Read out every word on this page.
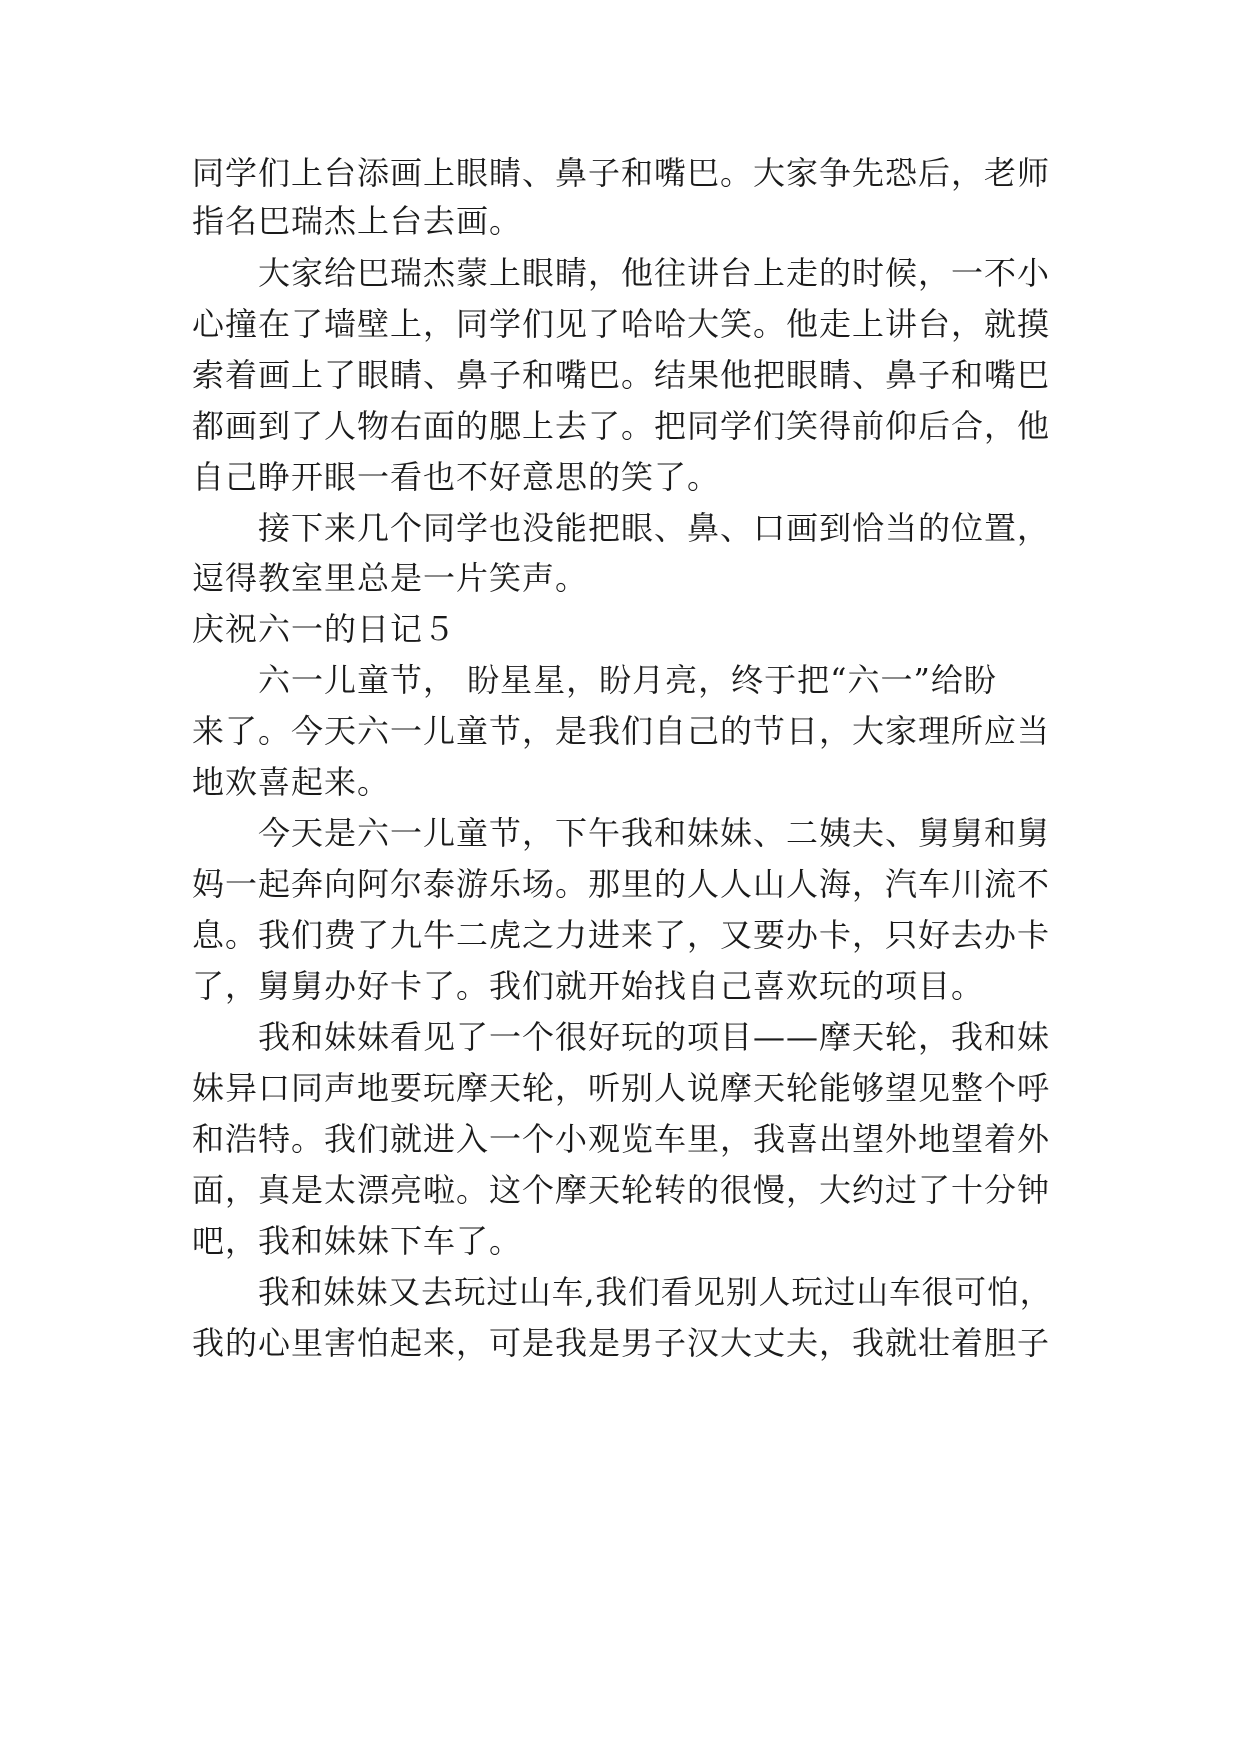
同学们上台添画上眼睛、鼻子和嘴巴。大家争先恐后，老师
指名巴瑞杰上台去画。
大家给巴瑞杰蒙上眼睛，他往讲台上走的时候，一不小
心撞在了墙壁上，同学们见了哈哈大笑。他走上讲台，就摸
索着画上了眼睛、鼻子和嘴巴。结果他把眼睛、鼻子和嘴巴
都画到了人物右面的腮上去了。把同学们笑得前仰后合，他
自己睁开眼一看也不好意思的笑了。
接下来几个同学也没能把眼、鼻、口画到恰当的位置，
逗得教室里总是一片笑声。
庆祝六一的日记５
六一儿童节， 盼星星，盼月亮，终于把“六一”给盼
来了。今天六一儿童节，是我们自己的节日，大家理所应当
地欢喜起来。
今天是六一儿童节，下午我和妹妹、二姨夫、舅舅和舅
妈一起奔向阿尔泰游乐场。那里的人人山人海，汽车川流不
息。我们费了九牛二虎之力进来了，又要办卡，只好去办卡
了，舅舅办好卡了。我们就开始找自己喜欢玩的项目。
我和妹妹看见了一个很好玩的项目——摩天轮，我和妹
妹异口同声地要玩摩天轮，听别人说摩天轮能够望见整个呼
和浩特。我们就进入一个小观览车里，我喜出望外地望着外
面，真是太漂亮啦。这个摩天轮转的很慢，大约过了十分钟
吧，我和妹妹下车了。
我和妹妹又去玩过山车,我们看见别人玩过山车很可怕，
我的心里害怕起来，可是我是男子汉大丈夫，我就壮着胆子
